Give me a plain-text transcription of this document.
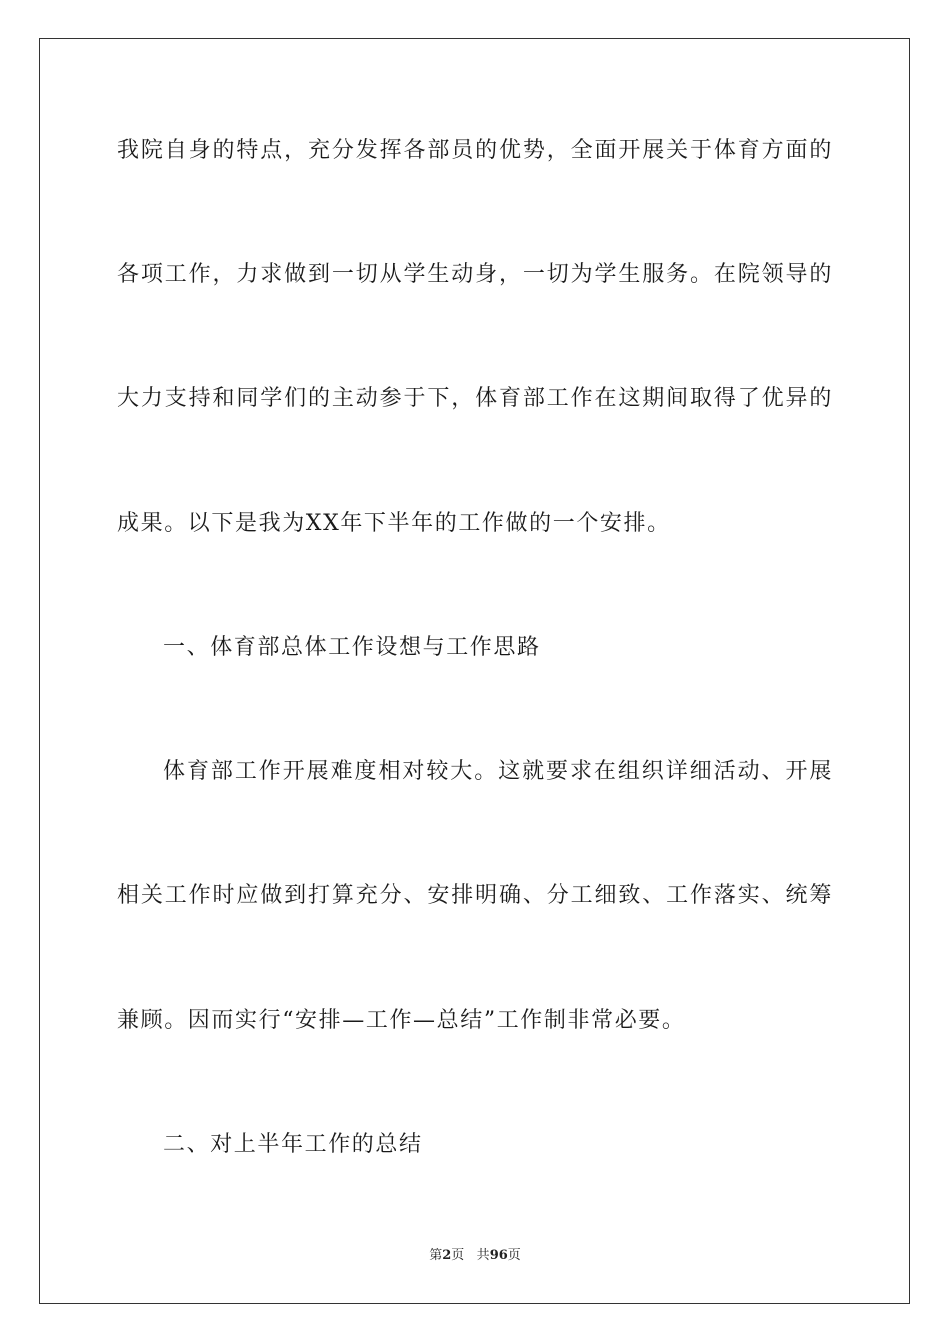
我院自身的特点，充分发挥各部员的优势，全面开展关于体育方面的
各项工作，力求做到一切从学生动身，一切为学生服务。在院领导的
大力支持和同学们的主动参于下，体育部工作在这期间取得了优异的
成果。以下是我为XX年下半年的工作做的一个安排。
一、体育部总体工作设想与工作思路
体育部工作开展难度相对较大。这就要求在组织详细活动、开展
相关工作时应做到打算充分、安排明确、分工细致、工作落实、统筹
兼顾。因而实行“安排—工作—总结”工作制非常必要。
二、对上半年工作的总结
第2页 共96页
